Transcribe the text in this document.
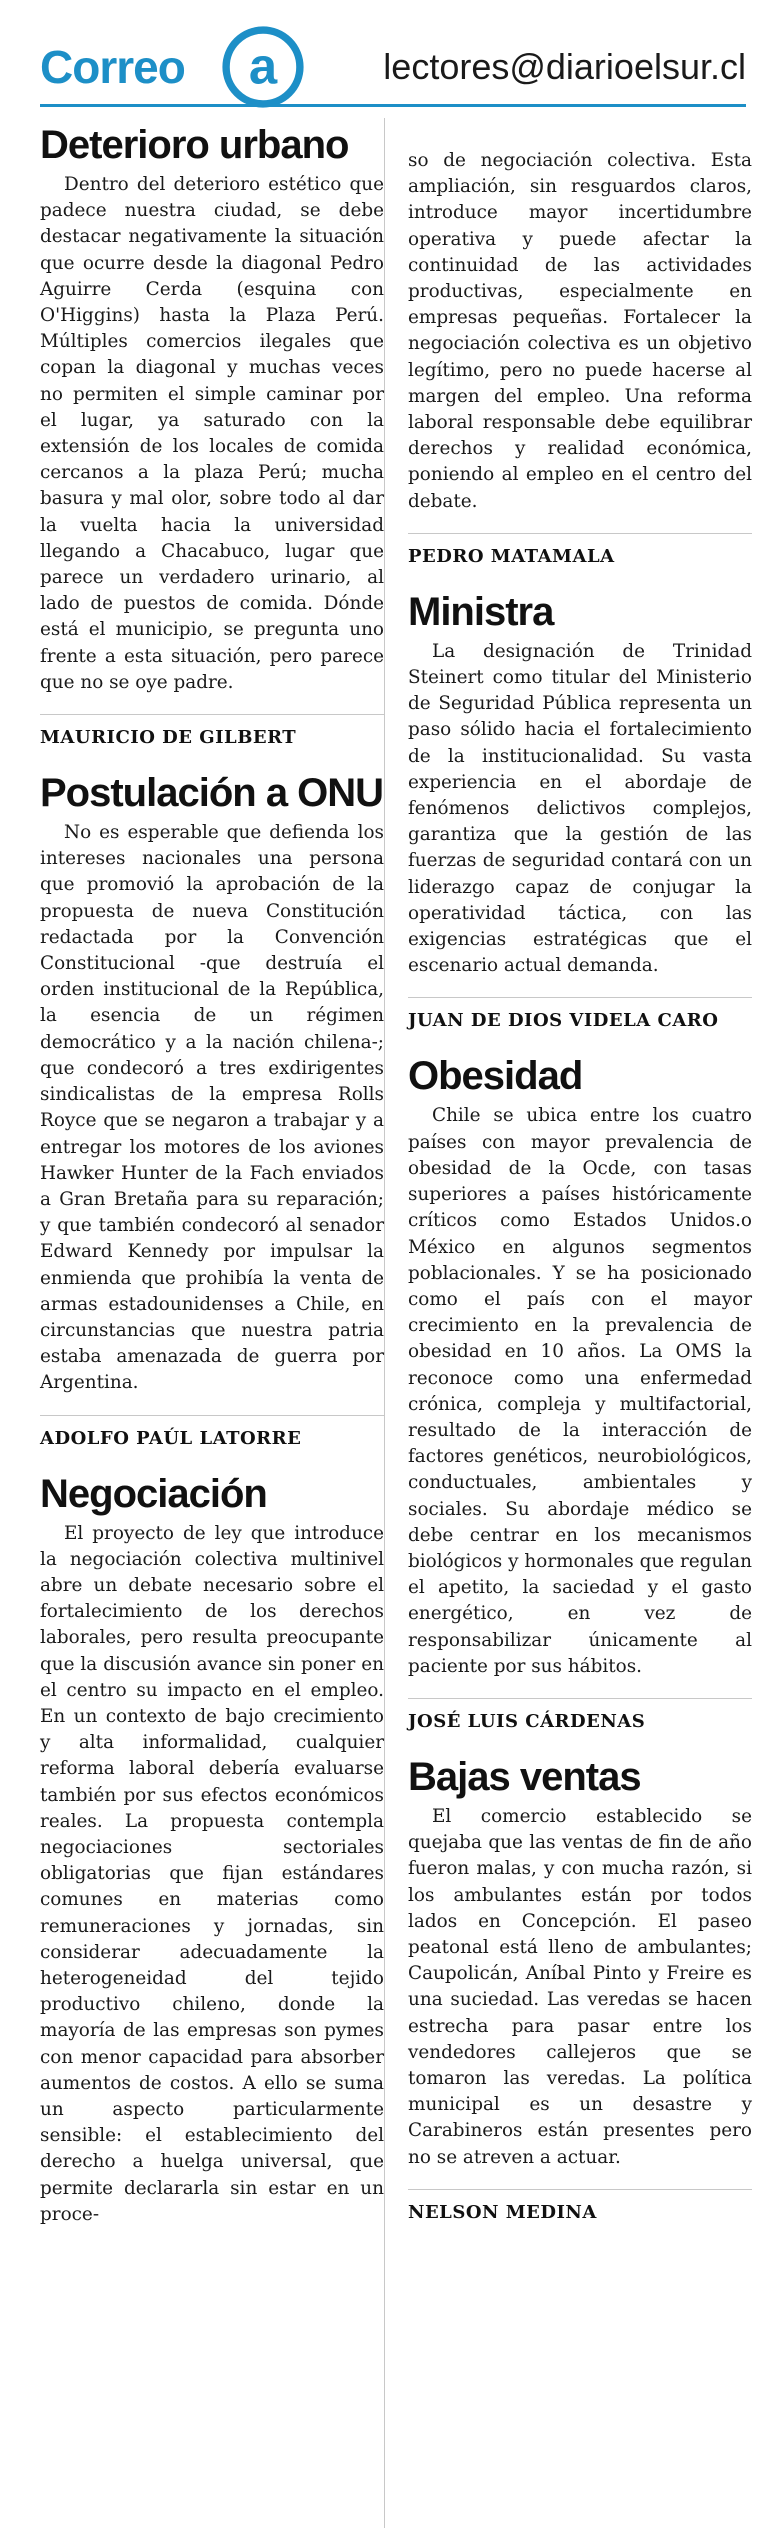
Correo a	lectores@diarioelsur.cl
Deterioro urbano

Dentro del deterioro estético que padece nuestra ciudad, se debe destacar negativamente la situación que ocurre desde la diagonal Pedro Aguirre Cerda (esquina con O'Higgins) hasta la Plaza Perú. Múltiples comercios ilegales que copan la diagonal y muchas veces no permiten el simple caminar por el lugar, ya saturado con la extensión de los locales de comida cercanos a la plaza Perú; mucha basura y mal olor, sobre todo al dar la vuelta hacia la universidad llegando a Chacabuco, lugar que parece un verdadero urinario, al lado de puestos de comida. Dónde está el municipio, se pregunta uno frente a esta situación, pero parece que no se oye padre.

MAURICIO DE GILBERT
Postulación a ONU

No es esperable que defienda los intereses nacionales una persona que promovió la aprobación de la propuesta de nueva Constitución redactada por la Convención Constitucional -que destruía el orden institucional de la República, la esencia de un régimen democrático y a la nación chilena-; que condecoró a tres exdirigentes sindicalistas de la empresa Rolls Royce que se negaron a trabajar y a entregar los motores de los aviones Hawker Hunter de la Fach enviados a Gran Bretaña para su reparación; y que también condecoró al senador Edward Kennedy por impulsar la enmienda que prohibía la venta de armas estadounidenses a Chile, en circunstancias que nuestra patria estaba amenazada de guerra por Argentina.

ADOLFO PAÚL LATORRE
Negociación

El proyecto de ley que introduce la negociación colectiva multinivel abre un debate necesario sobre el fortalecimiento de los derechos laborales, pero resulta preocupante que la discusión avance sin poner en el centro su impacto en el empleo. En un contexto de bajo crecimiento y alta informalidad, cualquier reforma laboral debería evaluarse también por sus efectos económicos reales. La propuesta contempla negociaciones sectoriales obligatorias que fijan estándares comunes en materias como remuneraciones y jornadas, sin considerar adecuadamente la heterogeneidad del tejido productivo chileno, donde la mayoría de las empresas son pymes con menor capacidad para absorber aumentos de costos. A ello se suma un aspecto particularmente sensible: el establecimiento del derecho a huelga universal, que permite declararla sin estar en un proce-

so de negociación colectiva. Esta ampliación, sin resguardos claros, introduce mayor incertidumbre operativa y puede afectar la continuidad de las actividades productivas, especialmente en empresas pequeñas. Fortalecer la negociación colectiva es un objetivo legítimo, pero no puede hacerse al margen del empleo. Una reforma laboral responsable debe equilibrar derechos y realidad económica, poniendo al empleo en el centro del debate.

PEDRO MATAMALA
Ministra

La designación de Trinidad Steinert como titular del Ministerio de Seguridad Pública representa un paso sólido hacia el fortalecimiento de la institucionalidad. Su vasta experiencia en el abordaje de fenómenos delictivos complejos, garantiza que la gestión de las fuerzas de seguridad contará con un liderazgo capaz de conjugar la operatividad táctica, con las exigencias estratégicas que el escenario actual demanda.

JUAN DE DIOS VIDELA CARO
Obesidad

Chile se ubica entre los cuatro países con mayor prevalencia de obesidad de la Ocde, con tasas superiores a países históricamente críticos como Estados Unidos.o México en algunos segmentos poblacionales. Y se ha posicionado como el país con el mayor crecimiento en la prevalencia de obesidad en 10 años. La OMS la reconoce como una enfermedad crónica, compleja y multifactorial, resultado de la interacción de factores genéticos, neurobiológicos, conductuales, ambientales y sociales. Su abordaje médico se debe centrar en los mecanismos biológicos y hormonales que regulan el apetito, la saciedad y el gasto energético, en vez de responsabilizar únicamente al paciente por sus hábitos.

JOSÉ LUIS CÁRDENAS
Bajas ventas

El comercio establecido se quejaba que las ventas de fin de año fueron malas, y con mucha razón, si los ambulantes están por todos lados en Concepción. El paseo peatonal está lleno de ambulantes; Caupolicán, Aníbal Pinto y Freire es una suciedad. Las veredas se hacen estrecha para pasar entre los vendedores callejeros que se tomaron las veredas. La política municipal es un desastre y Carabineros están presentes pero no se atreven a actuar.

NELSON MEDINA
